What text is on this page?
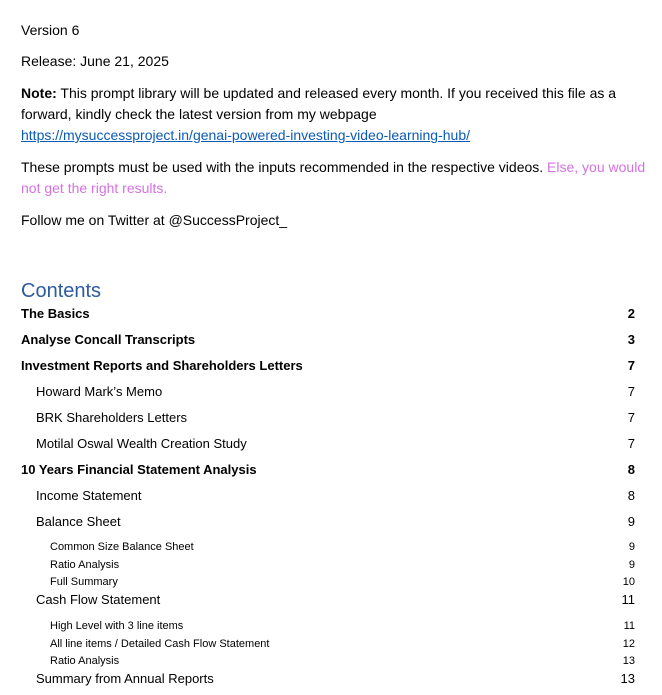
Version 6
Release: June 21, 2025
Note: This prompt library will be updated and released every month. If you received this file as a forward, kindly check the latest version from my webpage
https://mysuccessproject.in/genai-powered-investing-video-learning-hub/
These prompts must be used with the inputs recommended in the respective videos. Else, you would not get the right results.
Follow me on Twitter at @SuccessProject_
Contents
The Basics	2
Analyse Concall Transcripts	3
Investment Reports and Shareholders Letters	7
Howard Mark’s Memo	7
BRK Shareholders Letters	7
Motilal Oswal Wealth Creation Study	7
10 Years Financial Statement Analysis	8
Income Statement	8
Balance Sheet	9
Common Size Balance Sheet	9
Ratio Analysis	9
Full Summary	10
Cash Flow Statement	11
High Level with 3 line items	11
All line items / Detailed Cash Flow Statement	12
Ratio Analysis	13
Summary from Annual Reports	13
